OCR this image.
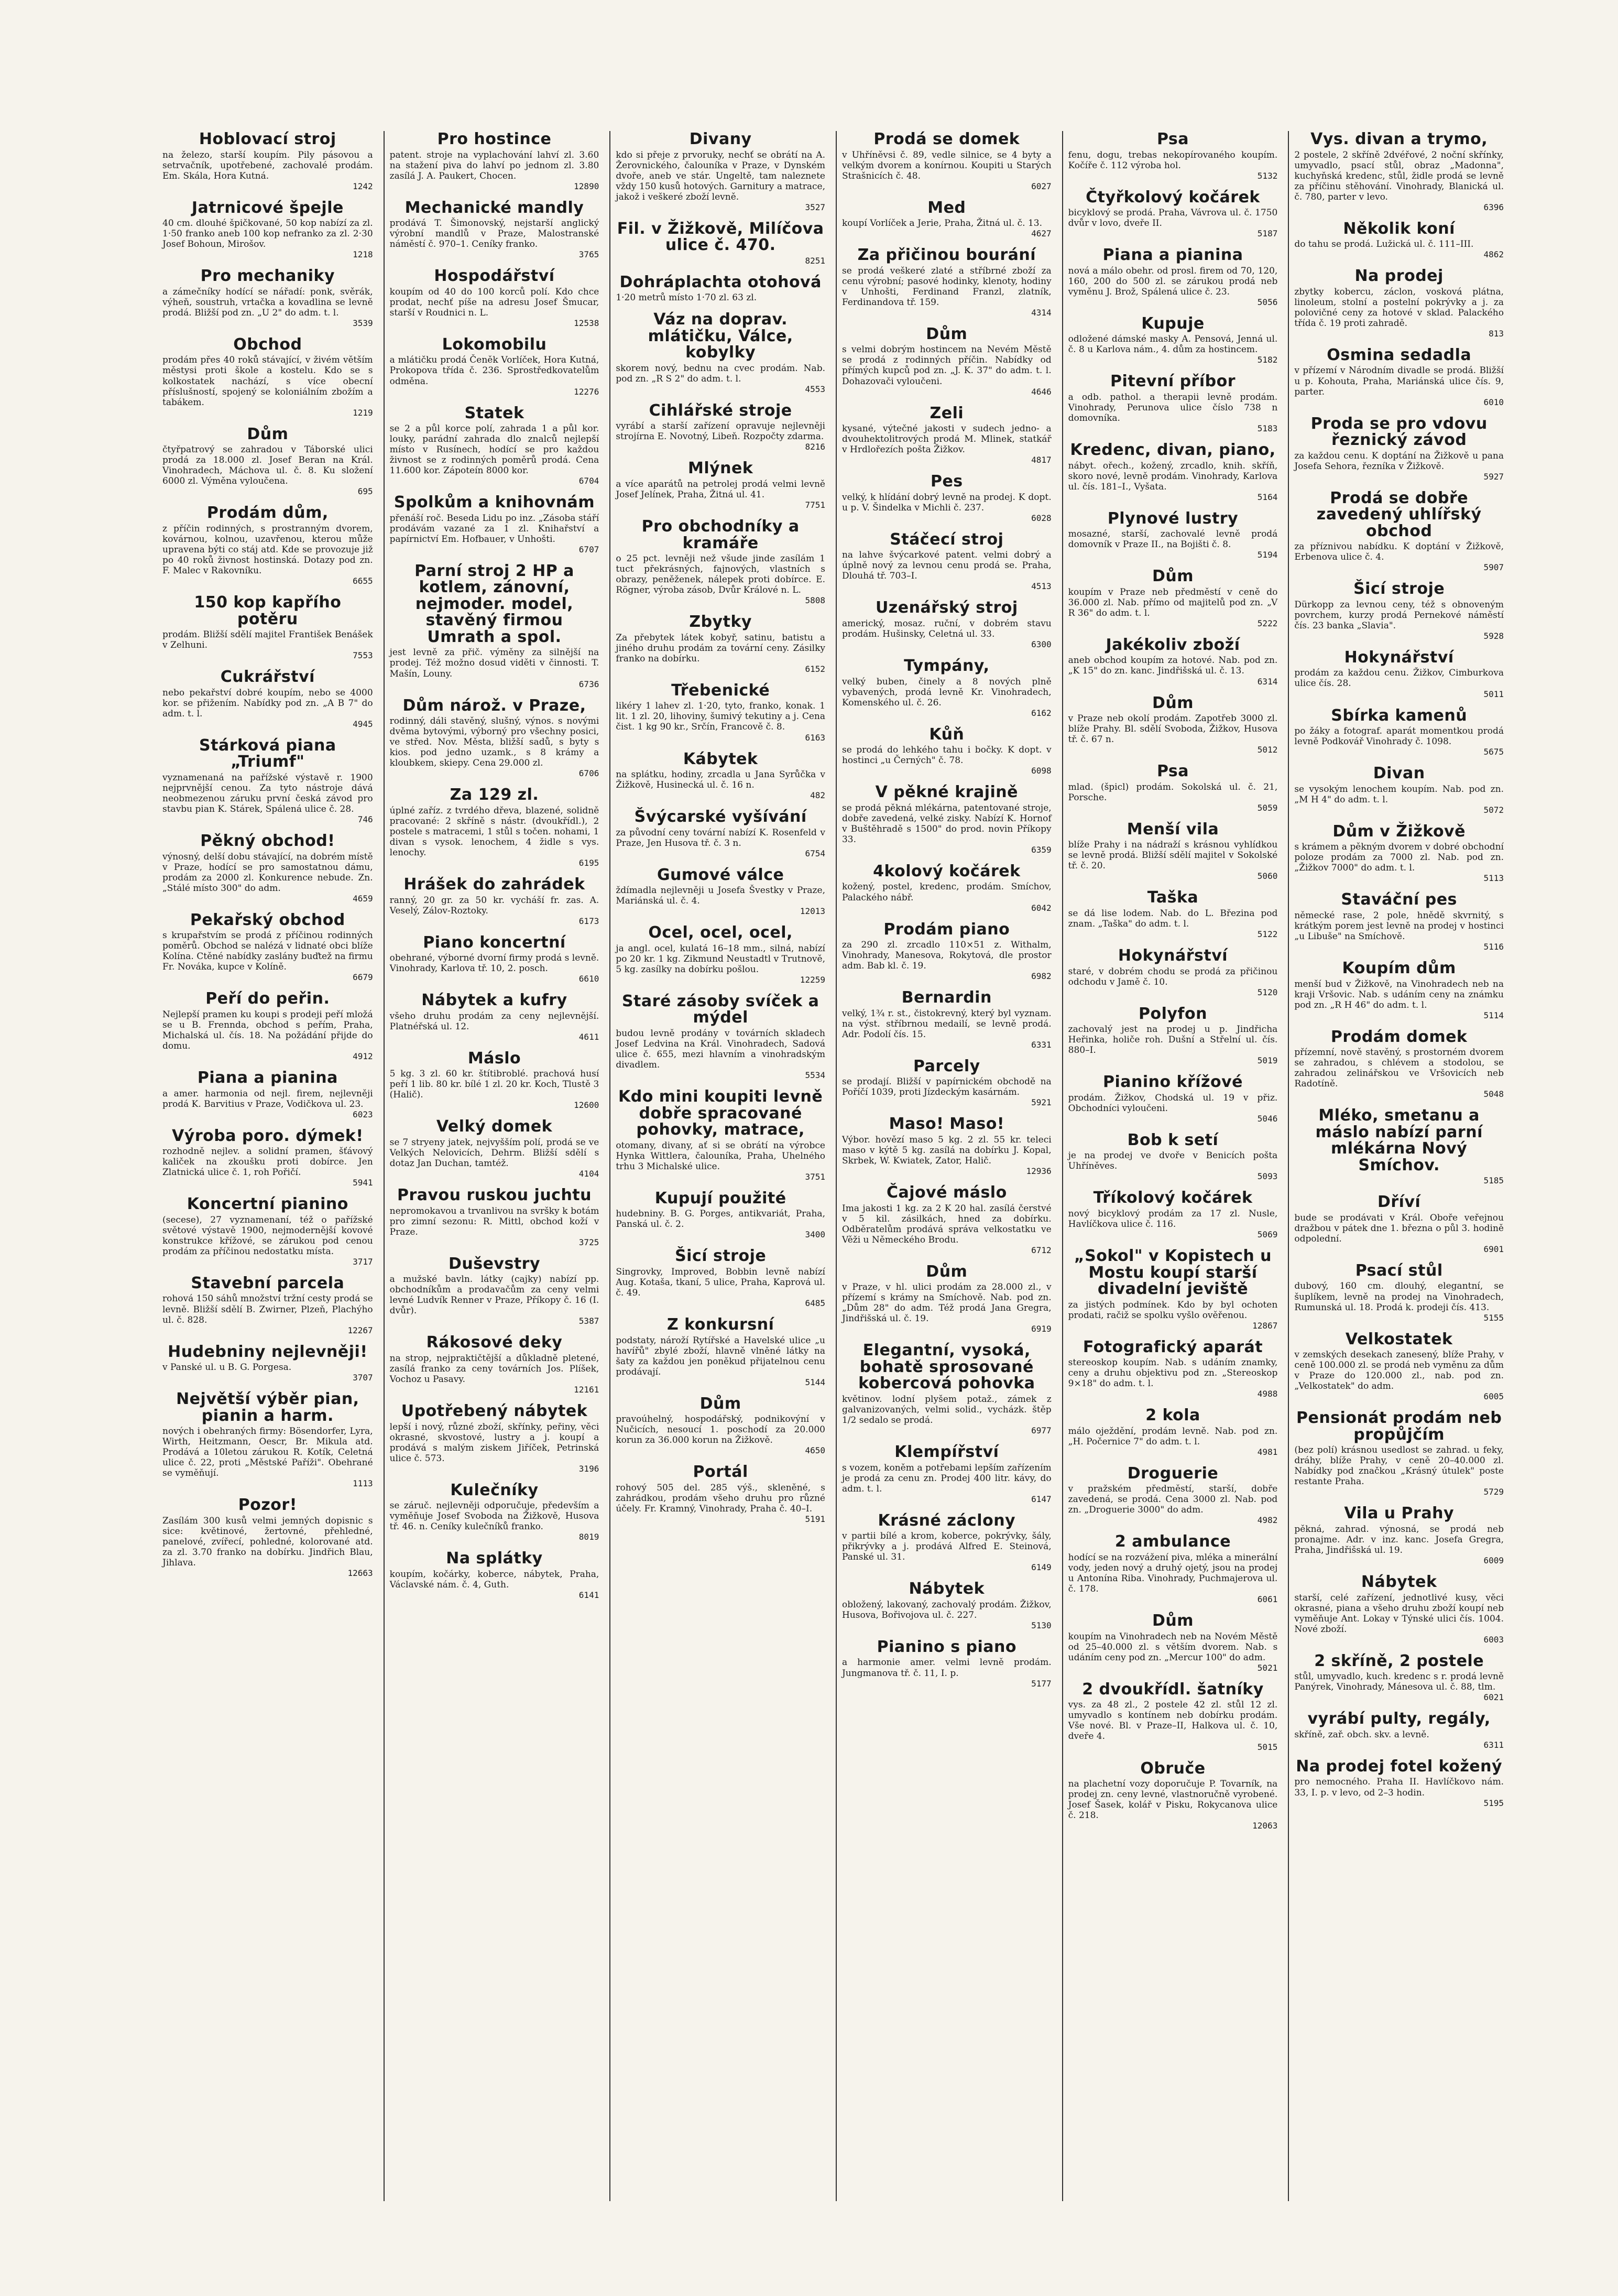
Hoblovací stroj

na železo, starší koupím. Pily pásovou a setrvačník, upotřebené, zachovalé prodám. Em. Skála, Hora Kutná.

1242
Jatrnicové špejle

40 cm. dlouhé špičkované, 50 kop nabízí za zl. 1·50 franko aneb 100 kop nefranko za zl. 2·30 Josef Bohoun, Mirošov.

1218
Pro mechaniky

a zámečníky hodící se nářadí: ponk, svěrák, výheň, soustruh, vrtačka a kovadlina se levně prodá. Bližší pod zn. „U 2" do adm. t. l.

3539
Obchod

prodám přes 40 roků stávající, v živém větším městysi proti škole a kostelu. Kdo se s kolkostatek nachází, s více obecní příslušností, spojený se koloniálním zbožím a tabákem.

1219
Dům

čtyřpatrový se zahradou v Táborské ulici prodá za 18.000 zl. Josef Beran na Král. Vinohradech, Máchova ul. č. 8. Ku složení 6000 zl. Výměna vyloučena.

695
Prodám dům,

z příčin rodinných, s prostranným dvorem, kovárnou, kolnou, uzavřenou, kterou může upravena býti co stáj atd. Kde se provozuje již po 40 roků živnost hostinská. Dotazy pod zn. F. Malec v Rakovníku.

6655
150 kop kapřího potěru

prodám. Bližší sdělí majitel František Benášek v Zelhuni.

7553
Cukrářství

nebo pekařství dobré koupím, nebo se 4000 kor. se přižením. Nabídky pod zn. „A B 7" do adm. t. l.

4945
Stárková piana „Triumf"

vyznamenaná na pařížské výstavě r. 1900 nejprvnější cenou. Za tyto nástroje dává neobmezenou záruku první česká závod pro stavbu pian K. Stárek, Spálená ulice č. 28.

746
Pěkný obchod!

výnosný, delší dobu stávající, na dobrém místě v Praze, hodící se pro samostatnou dámu, prodám za 2000 zl. Konkurence nebude. Zn. „Stálé místo 300" do adm.

4659
Pekařský obchod

s krupařstvím se prodá z příčinou rodinných poměrů. Obchod se nalézá v lidnaté obci blíže Kolína. Ctěné nabídky zaslány buďtež na firmu Fr. Nováka, kupce v Kolíně.

6679
Peří do peřin.

Nejlepší pramen ku koupi s prodeji peří mložá se u B. Frennda, obchod s peřím, Praha, Michalská ul. čís. 18. Na požádání přijde do domu.

4912
Piana a pianina

a amer. harmonia od nejl. firem, nejlevněji prodá K. Barvitius v Praze, Vodičkova ul. 23.

6023
Výroba poro. dýmek!

rozhodně nejlev. a solidní pramen, šťávový kaliček na zkoušku proti dobírce. Jen Zlatnická ulice č. 1, roh Pořičí.

5941
Koncertní pianino

(secese), 27 vyznamenaní, též o pařížské světové výstavě 1900, nejmodernější kovové konstrukce křížové, se zárukou pod cenou prodám za příčinou nedostatku místa.

3717
Stavební parcela

rohová 150 sáhů množství tržní cesty prodá se levně. Bližší sdělí B. Zwirner, Plzeň, Plachýho ul. č. 828.

12267
Hudebniny nejlevněji!

v Panské ul. u B. G. Porgesa.

3707
Největší výběr pian, pianin a harm.

nových i obehraných firmy: Bösendorfer, Lyra, Wirth, Heitzmann, Oescr, Br. Mikula atd. Prodává a 10letou zárukou R. Kotík, Celetná ulice č. 22, proti „Městské Paříži". Obehrané se vyměňují.

1113
Pozor!

Zasílám 300 kusů velmi jemných dopisnic s sice: květinové, žertovné, přehledné, panelové, zvířecí, pohledné, kolorované atd. za zl. 3.70 franko na dobírku. Jindřich Blau, Jihlava.

12663
Pro hostince

patent. stroje na vyplachování lahví zl. 3.60 na stažení piva do lahví po jednom zl. 3.80 zasílá J. A. Paukert, Chocen.

12890
Mechanické mandly

prodává T. Šimonovský, nejstarší anglický výrobní mandlů v Praze, Malostranské náměstí č. 970–1. Ceníky franko.

3765
Hospodářství

koupím od 40 do 100 korců polí. Kdo chce prodat, nechť píše na adresu Josef Šmucar, starší v Roudnici n. L.

12538
Lokomobilu

a mlátičku prodá Čeněk Vorlíček, Hora Kutná, Prokopova třída č. 236. Sprostředkovatelům odměna.

12276
Statek

se 2 a půl korce polí, zahrada 1 a půl kor. louky, parádní zahrada dlo znalců nejlepší místo v Rusínech, hodící se pro každou živnost se z rodinných poměrů prodá. Cena 11.600 kor. Zápoteín 8000 kor.

6704
Spolkům a knihovnám

přenáší roč. Beseda Lidu po inz. „Zásoba stáří prodávám vazané za 1 zl. Knihařství a papírnictví Em. Hofbauer, v Unhošti.

6707
Parní stroj 2 HP a kotlem, zánovní, nejmoder. model, stavěný firmou Umrath a spol.

jest levně za přič. výměny za silnější na prodej. Též možno dosud viděti v činnosti. T. Mašín, Louny.

6736
Dům nárož. v Praze,

rodinný, dáli stavěný, slušný, výnos. s novými dvěma bytovými, výborný pro všechny posici, ve střed. Nov. Města, bližší sadů, s byty s kios. pod jedno uzamk., s 8 krámy a kloubkem, skiepy. Cena 29.000 zl.

6706
Za 129 zl.

úplné zaříz. z tvrdého dřeva, blazené, solidně pracované: 2 skříně s nástr. (dvoukřídl.), 2 postele s matracemi, 1 stůl s točen. nohami, 1 divan s vysok. lenochem, 4 židle s vys. lenochy.

6195
Hrášek do zahrádek

ranný, 20 gr. za 50 kr. vycháší fr. zas. A. Veselý, Zálov-Roztoky.

6173
Piano koncertní

obehrané, výborné dvorní firmy prodá s levně. Vinohrady, Karlova tř. 10, 2. posch.

6610
Nábytek a kufry

všeho druhu prodám za ceny nejlevnější. Platnéřská ul. 12.

4611
Máslo

5 kg. 3 zl. 60 kr. štítibroblé. prachová husí peří 1 lib. 80 kr. bílé 1 zl. 20 kr. Koch, Tlustě 3 (Halič).

12600
Velký domek

se 7 stryeny jatek, nejvyšším polí, prodá se ve Velkých Nelovicích, Dehrm. Bližší sdělí s dotaz Jan Duchan, tamtéž.

4104
Pravou ruskou juchtu

nepromokavou a trvanlivou na svršky k botám pro zimní sezonu: R. Mittl, obchod koží v Praze.

3725
Duševstry

a mužské bavln. látky (cajky) nabízí pp. obchodníkům a prodavačům za ceny velmi levné Ludvík Renner v Praze, Příkopy č. 16 (I. dvůr).

5387
Rákosové deky

na strop, nejpraktičtější a důkladně pletené, zasílá franko za ceny továrních Jos. Plíšek, Vochoz u Pasavy.

12161
Upotřebený nábytek

lepší i nový, různé zboží, skřínky, peřiny, věci okrasné, skvostové, lustry a j. koupí a prodává s malým ziskem Jiříček, Petrinská ulice č. 573.

3196
Kulečníky

se záruč. nejlevněji odporučuje, především a vyměňuje Josef Svoboda na Žižkově, Husova tř. 46. n. Ceníky kulečníků franko.

8019
Na splátky

koupím, kočárky, koberce, nábytek, Praha, Václavské nám. č. 4, Guth.

6141
Divany

kdo si přeje z prvoruky, nechť se obrátí na A. Žerovnického, čalouníka v Praze, v Dynském dvoře, aneb ve stár. Ungeltě, tam naleznete vždy 150 kusů hotových. Garnitury a matrace, jakož i veškeré zboží levně.

3527
Fil. v Žižkově, Milíčova ulice č. 470.

8251
Dohráplachta otohová

1·20 metrů místo 1·70 zl. 63 zl.

Váz na doprav. mlátičku, Válce, kobylky

skorem nový, bednu na cvec prodám. Nab. pod zn. „R S 2" do adm. t. l.

4553
Cihlářské stroje

vyrábí a starší zařízení opravuje nejlevněji strojírna E. Novotný, Libeň. Rozpočty zdarma.

8216
Mlýnek

a více aparátů na petrolej prodá velmi levně Josef Jelínek, Praha, Žitná ul. 41.

7751
Pro obchodníky a kramáře

o 25 pct. levněji než všude jinde zasílám 1 tuct překrásných, fajnových, vlastních s obrazy, peněženek, nálepek proti dobírce. E. Rögner, výroba zásob, Dvůr Králové n. L.

5808
Zbytky

Za přebytek látek kobyř, satinu, batistu a jiného druhu prodám za tovární ceny. Zásilky franko na dobírku.

6152
Třebenické

likéry 1 lahev zl. 1·20, tyto, franko, konak. 1 lit. 1 zl. 20, lihoviny, šumivý tekutiny a j. Cena čist. 1 kg 90 kr., Srčín, Francově č. 8.

6163
Kábytek

na splátku, hodiny, zrcadla u Jana Syrůčka v Žižkově, Husinecká ul. č. 16 n.

482
Švýcarské vyšívání

za původní ceny tovární nabízí K. Rosenfeld v Praze, Jen Husova tř. č. 3 n.

6754
Gumové válce

ždímadla nejlevněji u Josefa Švestky v Praze, Mariánská ul. č. 4.

12013
Ocel, ocel, ocel,

ja angl. ocel, kulatá 16–18 mm., silná, nabízí po 20 kr. 1 kg. Zikmund Neustadtl v Trutnově, 5 kg. zasílky na dobírku pošlou.

12259
Staré zásoby svíček a mýdel

budou levně prodány v továrních skladech Josef Ledvina na Král. Vinohradech, Sadová ulice č. 655, mezi hlavním a vinohradským divadlem.

5534
Kdo mini koupiti levně dobře spracované pohovky, matrace,

otomany, divany, ať si se obrátí na výrobce Hynka Wittlera, čalouníka, Praha, Uhelného trhu 3 Michalské ulice.

3751
Kupují použité

hudebniny. B. G. Porges, antikvariát, Praha, Panská ul. č. 2.

3400
Šicí stroje

Singrovky, Improved, Bobbin levně nabízí Aug. Kotaša, tkaní, 5 ulice, Praha, Kaprová ul. č. 49.

6485
Z konkursní

podstaty, nároží Rytířské a Havelské ulice „u havířů" zbylé zboží, hlavně vlněné látky na šaty za každou jen poněkud přijatelnou cenu prodávají.

5144
Dům

pravoúhelný, hospodářský, podnikovýní v Nučicích, nesoucí 1. poschodí za 20.000 korun za 36.000 korun na Žižkově.

4650
Portál

rohový 505 del. 285 výš., skleněné, s zahrádkou, prodám všeho druhu pro různé účely. Fr. Kramný, Vinohrady, Praha č. 40–I.

5191
Prodá se domek

v Uhříněvsi č. 89, vedle silnice, se 4 byty a velkým dvorem a konírnou. Koupiti u Starých Strašnicích č. 48.

6027
Med

koupí Vorlíček a Jerie, Praha, Žitná ul. č. 13.

4627
Za přičinou bourání

se prodá veškeré zlaté a stříbrné zboží za cenu výrobní; pasové hodinky, klenoty, hodiny v Unhošti, Ferdinand Franzl, zlatník, Ferdinandova tř. 159.

4314
Dům

s velmi dobrým hostincem na Nevém Městě se prodá z rodinných příčin. Nabídky od přímých kupců pod zn. „J. K. 37" do adm. t. l. Dohazovači vyloučeni.

4646
Zeli

kysané, výtečné jakosti v sudech jedno- a dvouhektolitrových prodá M. Mlinek, statkář v Hrdlořezích pošta Žižkov.

4817
Pes

velký, k hlídání dobrý levně na prodej. K dopt. u p. V. Šindelka v Michli č. 237.

6028
Stáčecí stroj

na lahve švýcarkové patent. velmi dobrý a úplně nový za levnou cenu prodá se. Praha, Dlouhá tř. 703–I.

4513
Uzenářský stroj

americký, mosaz. ruční, v dobrém stavu prodám. Hušinsky, Celetná ul. 33.

6300
Tympány,

velký buben, činely a 8 nových plně vybavených, prodá levně Kr. Vinohradech, Komenského ul. č. 26.

6162
Kůň

se prodá do lehkého tahu i bočky. K dopt. v hostinci „u Černých" č. 78.

6098
V pěkné krajině

se prodá pěkná mlékárna, patentované stroje, dobře zavedená, velké zisky. Nabízí K. Hornof v Buštěhradě s 1500" do prod. novin Příkopy 33.

6359
4kolový kočárek

kožený, postel, kredenc, prodám. Smíchov, Palackého nábř.

6042
Prodám piano

za 290 zl. zrcadlo 110×51 z. Withalm, Vinohrady, Manesova, Rokytová, dle prostor adm. Bab kl. č. 19.

6982
Bernardin

velký, 1¾ r. st., čistokrevný, který byl vyznam. na výst. stříbrnou medailí, se levně prodá. Adr. Podolí čís. 15.

6331
Parcely

se prodají. Bližší v papírnickém obchodě na Poříčí 1039, proti Jízdeckým kasárnám.

5921
Maso! Maso!

Výbor. hovězí maso 5 kg. 2 zl. 55 kr. teleci maso v kýtě 5 kg. zasílá na dobírku J. Kopal, Skrbek, W. Kwiatek, Zator, Halič.

12936
Čajové máslo

Ima jakosti 1 kg. za 2 K 20 hal. zasílá čerstvé v 5 kil. zásilkách, hned za dobírku. Odběratelům prodává správa velkostatku ve Věži u Německého Brodu.

6712
Dům

v Praze, v hl. ulici prodám za 28.000 zl., v přízemí s krámy na Smíchově. Nab. pod zn. „Dům 28" do adm. Též prodá Jana Gregra, Jindřišská ul. č. 19.

6919
Elegantní, vysoká, bohatě sprosované kobercová pohovka

květinov. lodní plyšem potaž., zámek z galvanizovaných, velmi solid., vycházk. štěp 1/2 sedalo se prodá.

6977
Klempířství

s vozem, koněm a potřebami lepším zařízením je prodá za cenu zn. Prodej 400 litr. kávy, do adm. t. l.

6147
Krásné záclony

v partii bílé a krom, koberce, pokrývky, šály, přikrývky a j. prodává Alfred E. Steinová, Panské ul. 31.

6149
Nábytek

obložený, lakovaný, zachovalý prodám. Žižkov, Husova, Bořivojova ul. č. 227.

5130
Pianino s piano

a harmonie amer. velmi levně prodám. Jungmanova tř. č. 11, I. p.

5177
Psa

fenu, dogu, trebas nekopírovaného koupím. Kočíře č. 112 výroba hol.

5132
Čtyřkolový kočárek

bicyklový se prodá. Praha, Vávrova ul. č. 1750 dvůr v lovo, dveře II.

5187
Piana a pianina

nová a málo obehr. od prosl. firem od 70, 120, 160, 200 do 500 zl. se zárukou prodá neb vyměnu J. Brož, Spálená ulice č. 23.

5056
Kupuje

odložené dámské masky A. Pensová, Jenná ul. č. 8 u Karlova nám., 4. dům za hostincem.

5182
Pitevní příbor

a odb. pathol. a therapii levně prodám. Vinohrady, Perunova ulice číslo 738 n domovníka.

5183
Kredenc, divan, piano,

nábyt. ořech., kožený, zrcadlo, knih. skříň, skoro nové, levně prodám. Vinohrady, Karlova ul. čís. 181–I., Vyšata.

5164
Plynové lustry

mosazné, starší, zachovalé levně prodá domovník v Praze II., na Bojišti č. 8.

5194
Dům

koupím v Praze neb předměstí v ceně do 36.000 zl. Nab. přímo od majitelů pod zn. „V R 36" do adm. t. l.

5222
Jakékoliv zboží

aneb obchod koupím za hotové. Nab. pod zn. „K 15" do zn. kanc. Jindřišská ul. č. 13.

6314
Dům

v Praze neb okolí prodám. Zapotřeb 3000 zl. blíže Prahy. Bl. sdělí Svoboda, Žižkov, Husova tř. č. 67 n.

5012
Psa

mlad. (špicl) prodám. Sokolská ul. č. 21, Porsche.

5059
Menší vila

blíže Prahy i na nádraží s krásnou vyhlídkou se levně prodá. Bližší sdělí majitel v Sokolské tř. č. 20.

5060
Taška

se dá lise lodem. Nab. do L. Březina pod znam. „Taška" do adm. t. l.

5122
Hokynářství

staré, v dobrém chodu se prodá za přičinou odchodu v Jamě č. 10.

5120
Polyfon

zachovalý jest na prodej u p. Jindřicha Heřinka, holiče roh. Dušní a Střelní ul. čís. 880–I.

5019
Pianino křížové

prodám. Žižkov, Chodská ul. 19 v přiz. Obchodníci vyloučeni.

5046
Bob k setí

je na prodej ve dvoře v Benicích pošta Uhříněves.

5093
Tříkolový kočárek

nový bicyklový prodám za 17 zl. Nusle, Havlíčkova ulice č. 116.

5069
„Sokol" v Kopistech u Mostu koupí starší divadelní jeviště

za jistých podmínek. Kdo by byl ochoten prodati, račiž se spolku vyšlo ověřenou.

12867
Fotografický aparát

stereoskop koupím. Nab. s udáním znamky, ceny a druhu objektivu pod zn. „Stereoskop 9×18" do adm. t. l.

4988
2 kola

málo oježdění, prodám levně. Nab. pod zn. „H. Počernice 7" do adm. t. l.

4981
Droguerie

v pražském předměstí, starší, dobře zavedená, se prodá. Cena 3000 zl. Nab. pod zn. „Droguerie 3000" do adm.

4982
2 ambulance

hodící se na rozvážení piva, mléka a minerální vody, jeden nový a druhý ojetý, jsou na prodej u Antonína Riba. Vinohrady, Puchmajerova ul. č. 178.

6061
Dům

koupím na Vinohradech neb na Novém Městě od 25–40.000 zl. s větším dvorem. Nab. s udáním ceny pod zn. „Mercur 100" do adm.

5021
2 dvoukřídl. šatníky

vys. za 48 zl., 2 postele 42 zl. stůl 12 zl. umyvadlo s kontínem neb dobírku prodám. Vše nové. Bl. v Praze–II, Halkova ul. č. 10, dveře 4.

5015
Obruče

na plachetní vozy doporučuje P. Tovarník, na prodej zn. ceny levné, vlastnoručně vyrobené. Josef Šasek, kolář v Pisku, Rokycanova ulice č. 218.

12063
Vys. divan a trymo,

2 postele, 2 skříně 2dvéřové, 2 noční skřínky, umyvadlo, psací stůl, obraz „Madonna", kuchyňská kredenc, stůl, židle prodá se levně za příčinu stěhování. Vinohrady, Blanická ul. č. 780, parter v levo.

6396
Několik koní

do tahu se prodá. Lužická ul. č. 111–III.

4862
Na prodej

zbytky kobercu, záclon, vosková plátna, linoleum, stolní a postelní pokrývky a j. za polovičné ceny za hotové v sklad. Palackého třída č. 19 proti zahradě.

813
Osmina sedadla

v přízemí v Národním divadle se prodá. Bližší u p. Kohouta, Praha, Mariánská ulice čís. 9, parter.

6010
Proda se pro vdovu řeznický závod

za každou cenu. K doptání na Žižkově u pana Josefa Sehora, řezníka v Žižkově.

5927
Prodá se dobře zavedený uhlířský obchod

za příznivou nabídku. K doptání v Žižkově, Erbenova ulice č. 4.

5907
Šicí stroje

Dürkopp za levnou ceny, též s obnoveným povrchem, kurzy prodá Pernekové náměstí čís. 23 banka „Slavia".

5928
Hokynářství

prodám za každou cenu. Žižkov, Cimburkova ulice čís. 28.

5011
Sbírka kamenů

po žáky a fotograf. aparát momentkou prodá levně Podkovář Vinohrady č. 1098.

5675
Divan

se vysokým lenochem koupím. Nab. pod zn. „M H 4" do adm. t. l.

5072
Dům v Žižkově

s krámem a pěkným dvorem v dobré obchodní poloze prodám za 7000 zl. Nab. pod zn. „Žižkov 7000" do adm. t. l.

5113
Staváční pes

německé rase, 2 pole, hnědě skvrnitý, s krátkým porem jest levně na prodej v hostinci „u Libuše" na Smíchově.

5116
Koupím dům

menší bud v Žižkově, na Vinohradech neb na kraji Vršovic. Nab. s udáním ceny na známku pod zn. „R H 46" do adm. t. l.

5114
Prodám domek

přízemní, nově stavěný, s prostorném dvorem se zahradou, s chlévem a stodolou, se zahradou zelinářskou ve Vršovicích neb Radotíně.

5048
Mléko, smetanu a máslo nabízí parní mlékárna Nový Smíchov.

5185
Dříví

bude se prodávati v Král. Oboře veřejnou dražbou v pátek dne 1. března o půl 3. hodině odpolední.

6901
Psací stůl

dubový, 160 cm. dlouhý, elegantní, se šuplíkem, levně na prodej na Vinohradech, Rumunská ul. 18. Prodá k. prodeji čís. 413.

5155
Velkostatek

v zemských desekach zanesený, blíže Prahy, v ceně 100.000 zl. se prodá neb vyměnu za dům v Praze do 120.000 zl., nab. pod zn. „Velkostatek" do adm.

6005
Pensionát prodám neb propůjčím

(bez polí) krásnou usedlost se zahrad. u feky, dráhy, blíže Prahy, v ceně 20–40.000 zl. Nabídky pod značkou „Krásný útulek" poste restante Praha.

5729
Vila u Prahy

pěkná, zahrad. výnosná, se prodá neb pronajme. Adr. v inz. kanc. Josefa Gregra, Praha, Jindřišská ul. 19.

6009
Nábytek

starší, celé zařízení, jednotlivé kusy, věci okrasné, piana a všeho druhu zboží koupí neb vyměňuje Ant. Lokay v Týnské ulici čís. 1004. Nové zboží.

6003
2 skříně, 2 postele

stůl, umyvadlo, kuch. kredenc s r. prodá levně Panýrek, Vinohrady, Mánesova ul. č. 88, tlm.

6021
vyrábí pulty, regály,

skříně, zař. obch. skv. a levně.

6311
Na prodej fotel kožený

pro nemocného. Praha II. Havlíčkovo nám. 33, I. p. v levo, od 2–3 hodin.

5195
